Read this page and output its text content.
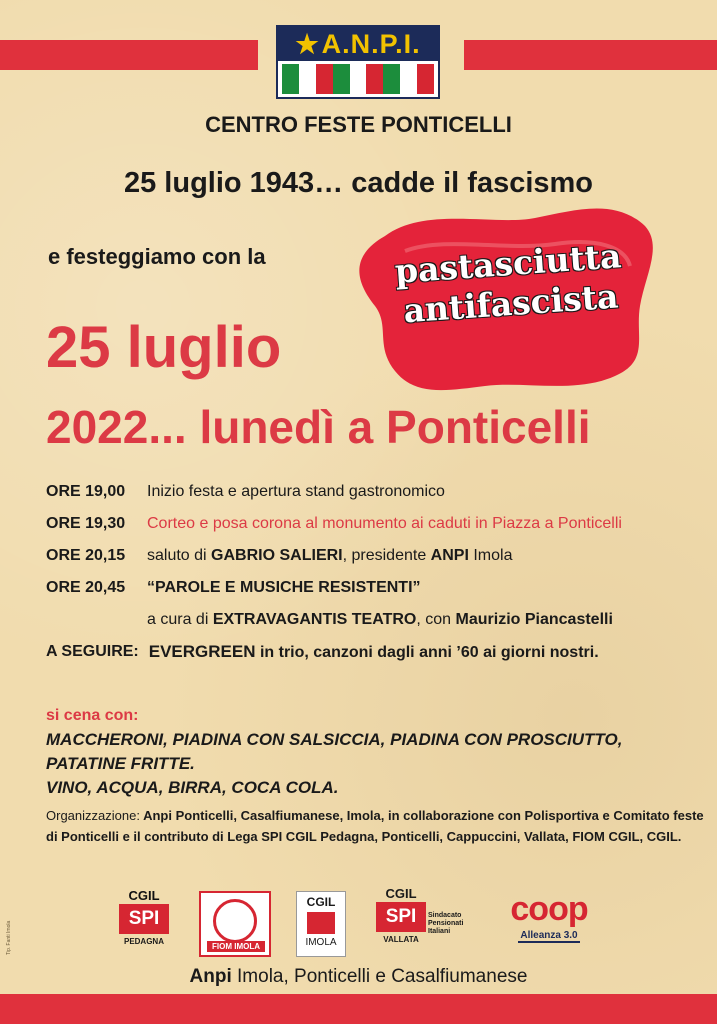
★ A.N.P.I.
CENTRO FESTE PONTICELLI
25 luglio 1943… cadde il fascismo
e festeggiamo con la	pastasciutta
antifascista
25 luglio
2022... lunedì a Ponticelli
ORE 19,00	Inizio festa e apertura stand gastronomico
ORE 19,30	Corteo e posa corona al monumento ai caduti in Piazza a Ponticelli
ORE 20,15	saluto di GABRIO SALIERI, presidente ANPI Imola
ORE 20,45	“PAROLE E MUSICHE RESISTENTI”
a cura di EXTRAVAGANTIS TEATRO, con Maurizio Piancastelli
A SEGUIRE: EVERGREEN in trio, canzoni dagli anni ’60 ai giorni nostri.
si cena con:
MACCHERONI, PIADINA CON SALSICCIA, PIADINA CON PROSCIUTTO,
PATATINE FRITTE.
VINO, ACQUA, BIRRA, COCA COLA.
Organizzazione: Anpi Ponticelli, Casalfiumanese, Imola, in collaborazione con Polisportiva e Comitato feste di Ponticelli e il contributo di Lega SPI CGIL Pedagna, Ponticelli, Cappuccini, Vallata, FIOM CGIL, CGIL.
CGIL
SPI
PEDAGNA
FIOM IMOLA
CGIL
IMOLA
CGIL
SPI
VALLATA
Sindacato Pensionati Italiani
coop
Alleanza 3.0
Anpi Imola, Ponticelli e Casalfiumanese
Tip. Fanti Imola
